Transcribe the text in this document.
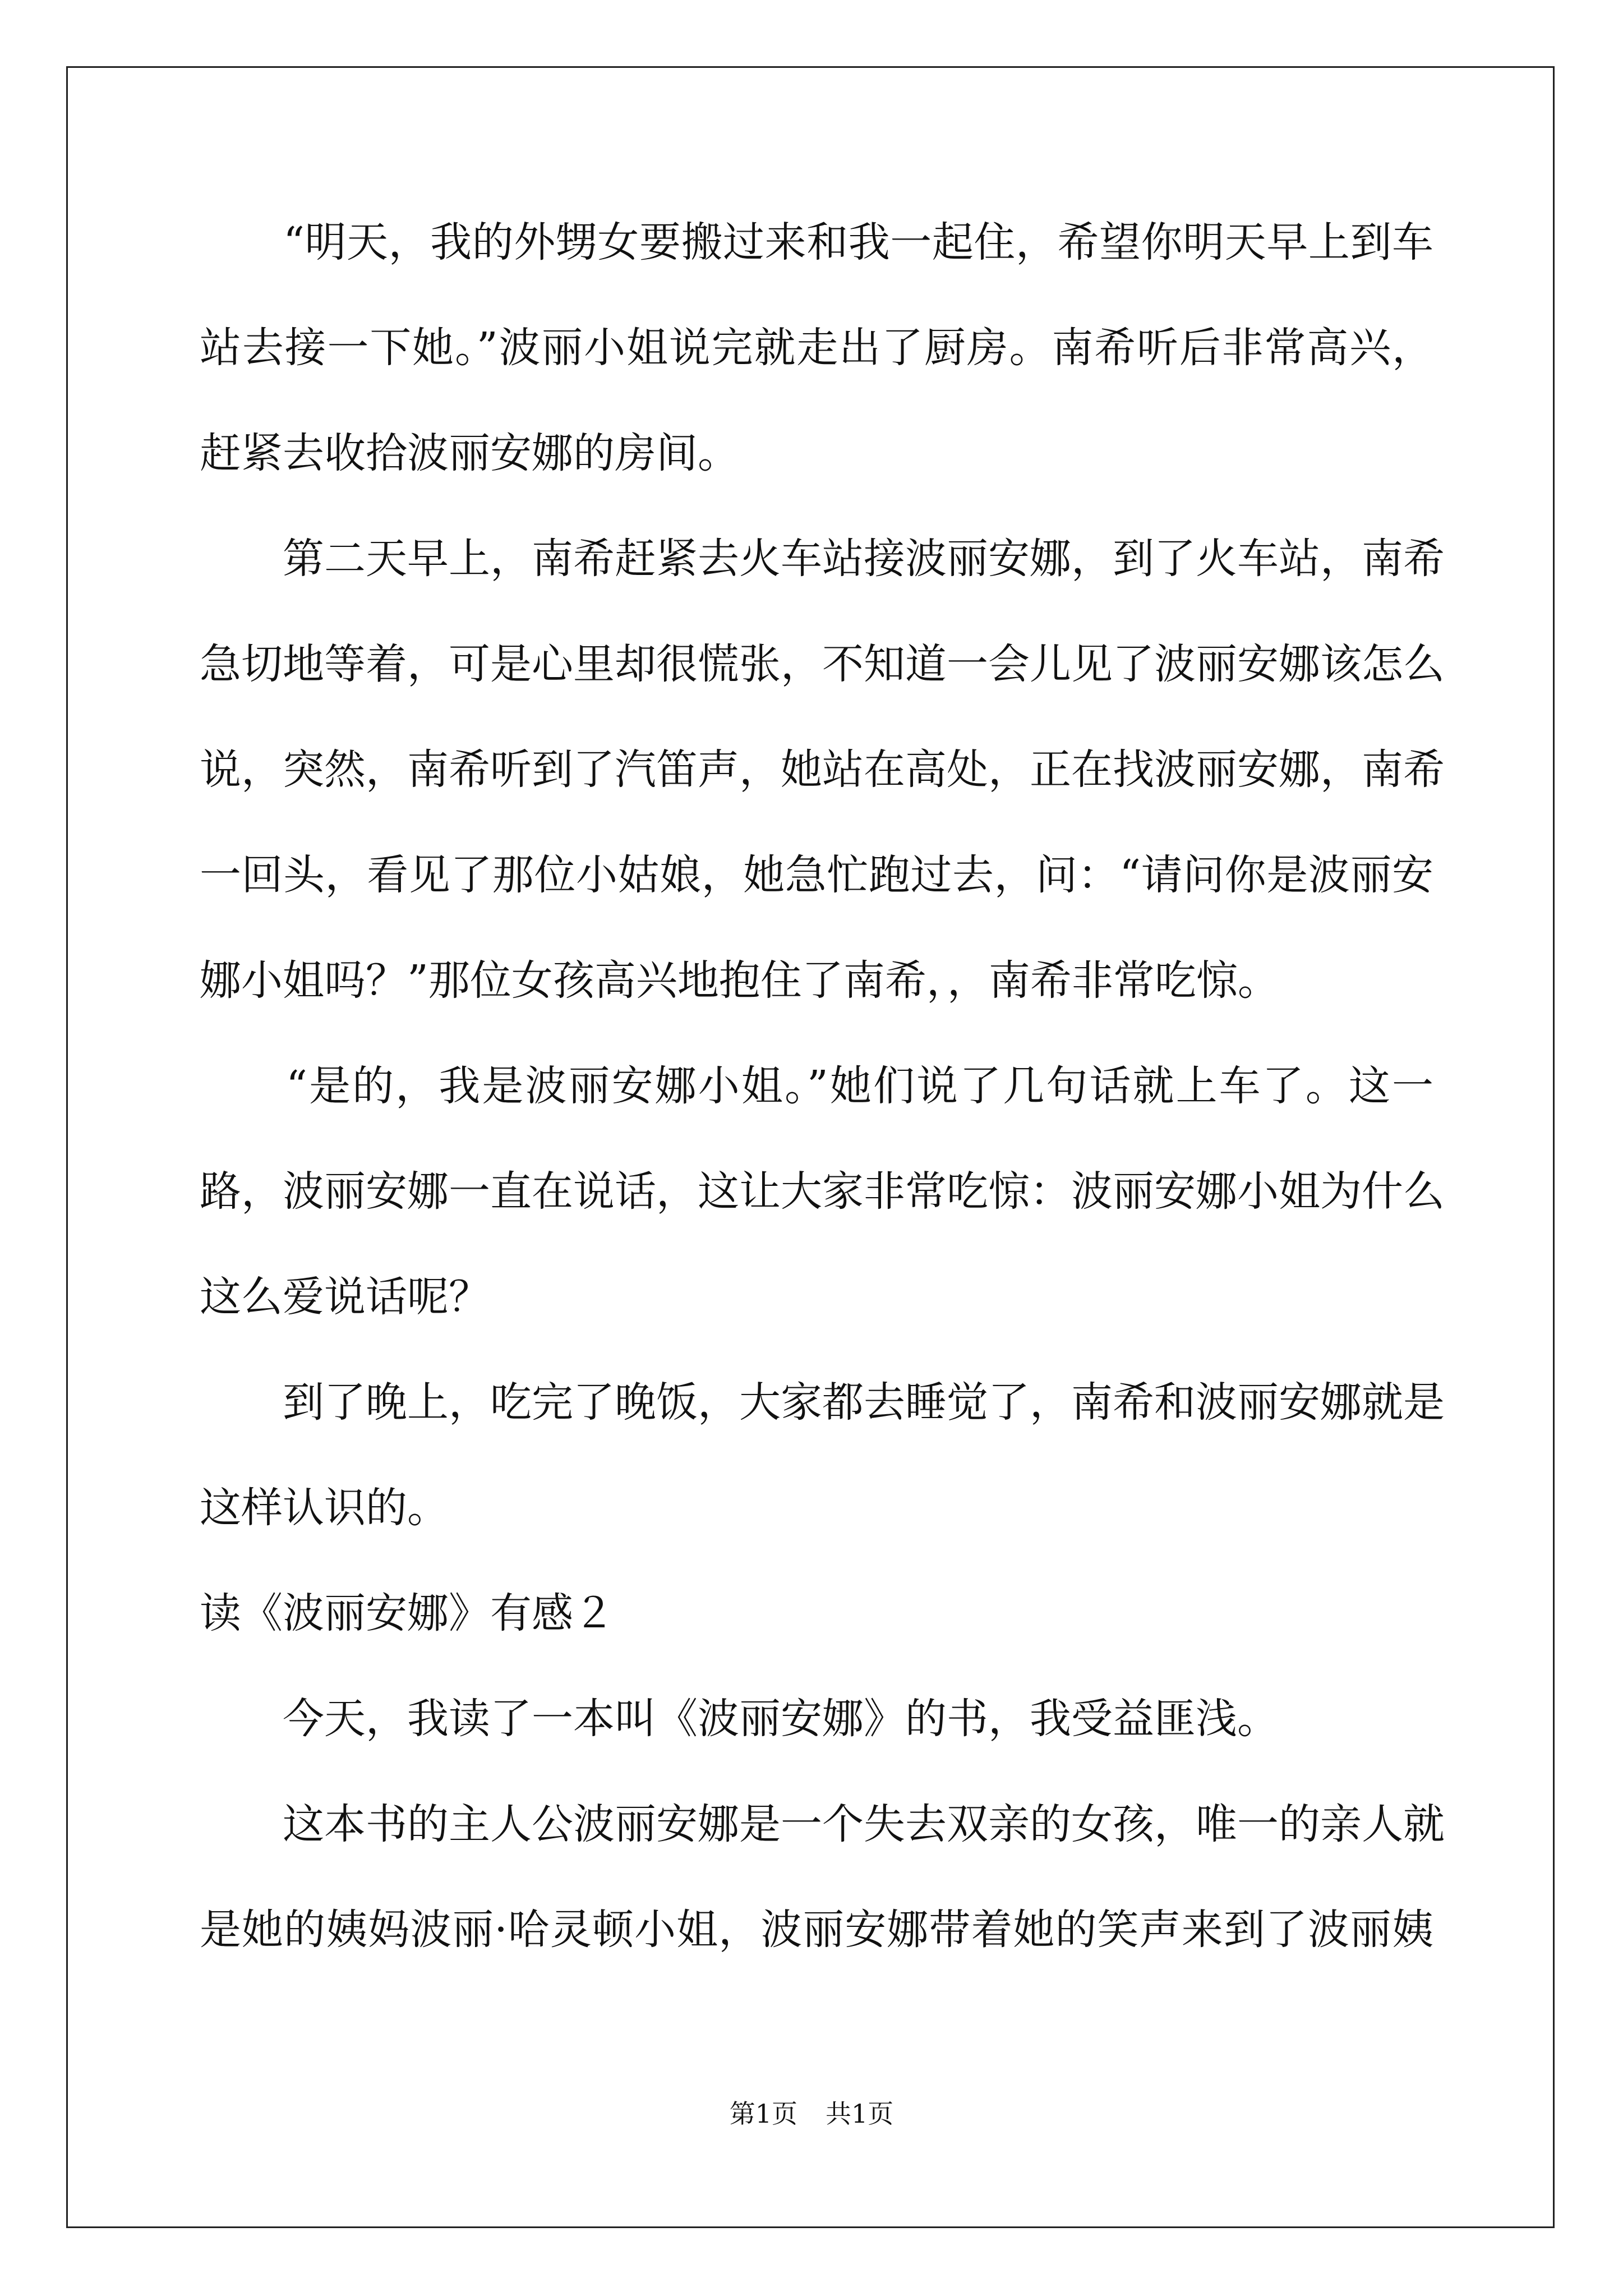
　　“明天，我的外甥女要搬过来和我一起住，希望你明天早上到车
站去接一下她。”波丽小姐说完就走出了厨房。南希听后非常高兴，
赶紧去收拾波丽安娜的房间。
　　第二天早上，南希赶紧去火车站接波丽安娜，到了火车站，南希
急切地等着，可是心里却很慌张，不知道一会儿见了波丽安娜该怎么
说，突然，南希听到了汽笛声，她站在高处，正在找波丽安娜，南希
一回头，看见了那位小姑娘，她急忙跑过去，问：“请问你是波丽安
娜小姐吗？”那位女孩高兴地抱住了南希，，南希非常吃惊。
　　“是的，我是波丽安娜小姐。”她们说了几句话就上车了。这一
路，波丽安娜一直在说话，这让大家非常吃惊：波丽安娜小姐为什么
这么爱说话呢？
　　到了晚上，吃完了晚饭，大家都去睡觉了，南希和波丽安娜就是
这样认识的。
读《波丽安娜》有感２
　　今天，我读了一本叫《波丽安娜》的书，我受益匪浅。
　　这本书的主人公波丽安娜是一个失去双亲的女孩，唯一的亲人就
是她的姨妈波丽·哈灵顿小姐，波丽安娜带着她的笑声来到了波丽姨
第1页 共1页
